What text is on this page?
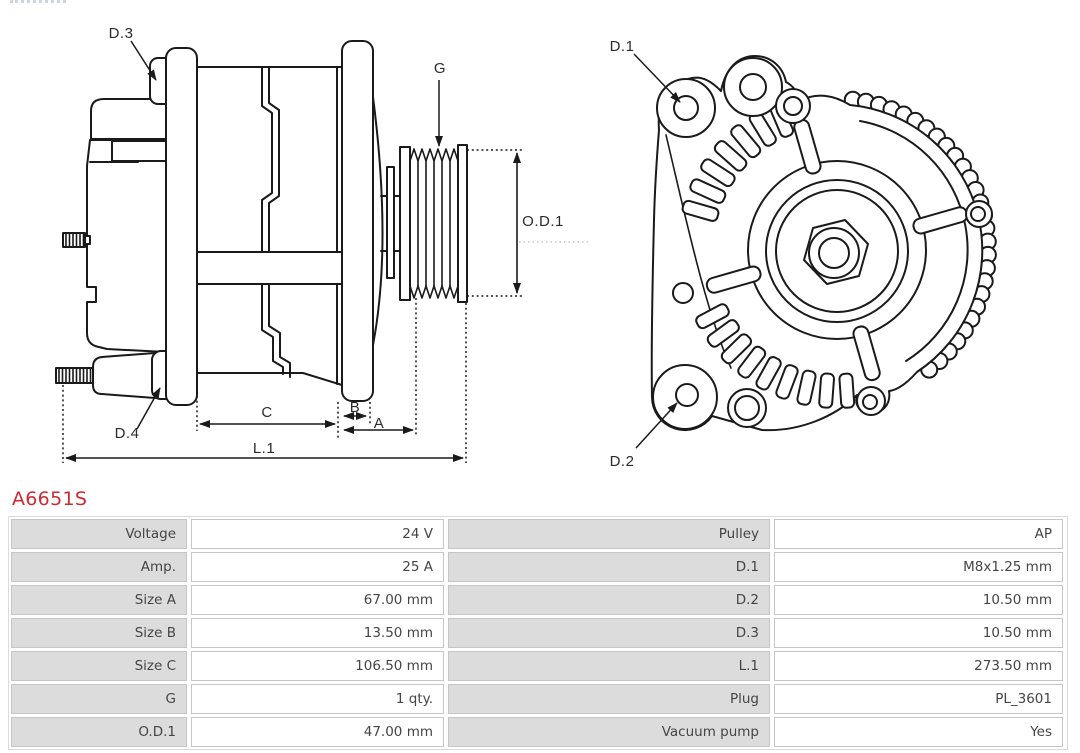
D.3
D.4
G
O.D.1
C	B
A
L.1
D.1
D.2
A6651S
Voltage	24 V	Pulley	AP
Amp.	25 A	D.1	M8x1.25 mm
Size A	67.00 mm	D.2	10.50 mm
Size B	13.50 mm	D.3	10.50 mm
Size C	106.50 mm	L.1	273.50 mm
G	1 qty.	Plug	PL_3601
O.D.1	47.00 mm	Vacuum pump	Yes
